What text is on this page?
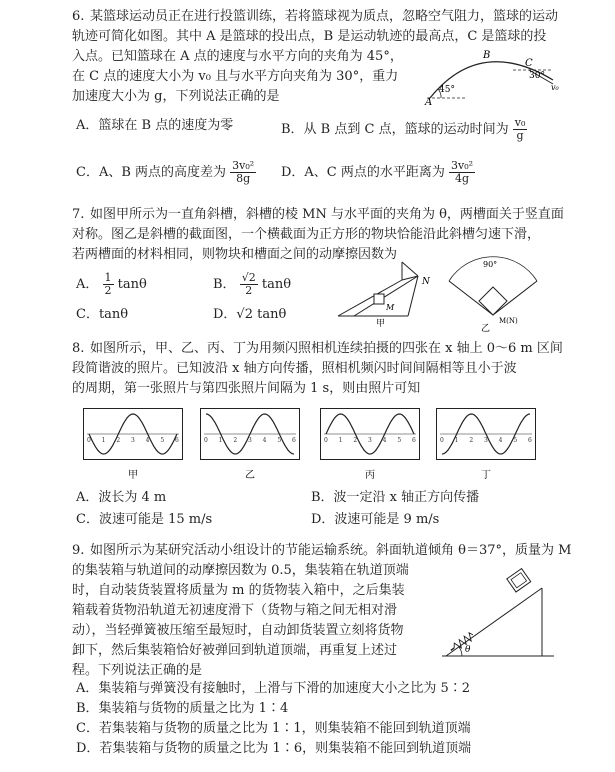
6. 某篮球运动员正在进行投篮训练，若将篮球视为质点，忽略空气阻力，篮球的运动
轨迹可简化如图。其中 A 是篮球的投出点，B 是运动轨迹的最高点，C 是篮球的投
入点。已知篮球在 A 点的速度与水平方向的夹角为 45°，
在 C 点的速度大小为 v₀ 且与水平方向夹角为 30°，重力
加速度大小为 g，下列说法正确的是	45°
30°
A
B
C
v₀
A．篮球在 B 点的速度为零	B．从 B 点到 C 点，篮球的运动时间为 $\frac{\text{v₀}}{g}$
C．A、B 两点的高度差为 $\frac{\text{3v₀²}}{8g}$ D．A、C 两点的水平距离为 $\frac{\text{3v₀²}}{4g}$
7. 如图甲所示为一直角斜槽，斜槽的棱 MN 与水平面的夹角为 θ，两槽面关于竖直面
对称。图乙是斜槽的截面图，一个横截面为正方形的物块恰能沿此斜槽匀速下滑，
若两槽面的材料相同，则物块和槽面之间的动摩擦因数为
A． $\frac{1}{2}$ tanθ	B． $\frac{√2}{2}$ tanθ
C．tanθ	D．√2 tanθ
N
M
甲
90°
M(N)
乙
8. 如图所示，甲、乙、丙、丁为用频闪照相机连续拍摄的四张在 x 轴上 0～6 m 区间
段简谐波的照片。已知波沿 x 轴方向传播，照相机频闪时间间隔相等且小于波
的周期，第一张照片与第四张照片间隔为 1 s，则由照片可知
0 1 2 3 4 5 6
甲
0 1 2 3 4 5 6
乙
0 1 2 3 4 5 6
丙
0 1 2 3 4 5 6
丁
A．波长为 4 m	B．波一定沿 x 轴正方向传播
C．波速可能是 15 m/s	D．波速可能是 9 m/s
9. 如图所示为某研究活动小组设计的节能运输系统。斜面轨道倾角 θ＝37°，质量为 M
的集装箱与轨道间的动摩擦因数为 0.5，集装箱在轨道顶端
时，自动装货装置将质量为 m 的货物装入箱中，之后集装
箱载着货物沿轨道无初速度滑下（货物与箱之间无相对滑
动），当轻弹簧被压缩至最短时，自动卸货装置立刻将货物
卸下，然后集装箱恰好被弹回到轨道顶端，再重复上述过
程。下列说法正确的是
θ
A．集装箱与弹簧没有接触时，上滑与下滑的加速度大小之比为 5∶2
B．集装箱与货物的质量之比为 1∶4
C．若集装箱与货物的质量之比为 1∶1，则集装箱不能回到轨道顶端
D．若集装箱与货物的质量之比为 1∶6，则集装箱不能回到轨道顶端
